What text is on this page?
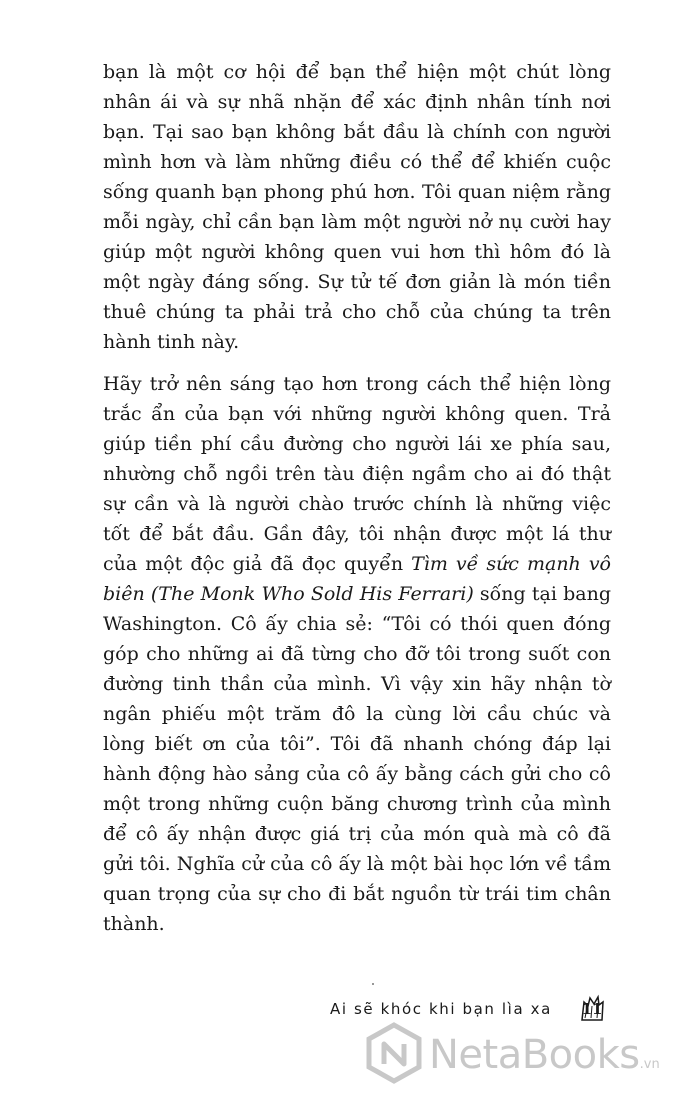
bạn là một cơ hội để bạn thể hiện một chút lòng nhân ái và sự nhã nhặn để xác định nhân tính nơi bạn. Tại sao bạn không bắt đầu là chính con người mình hơn và làm những điều có thể để khiến cuộc sống quanh bạn phong phú hơn. Tôi quan niệm rằng mỗi ngày, chỉ cần bạn làm một người nở nụ cười hay giúp một người không quen vui hơn thì hôm đó là một ngày đáng sống. Sự tử tế đơn giản là món tiền thuê chúng ta phải trả cho chỗ của chúng ta trên hành tinh này.

Hãy trở nên sáng tạo hơn trong cách thể hiện lòng trắc ẩn của bạn với những người không quen. Trả giúp tiền phí cầu đường cho người lái xe phía sau, nhường chỗ ngồi trên tàu điện ngầm cho ai đó thật sự cần và là người chào trước chính là những việc tốt để bắt đầu. Gần đây, tôi nhận được một lá thư của một độc giả đã đọc quyển Tìm về sức mạnh vô biên (The Monk Who Sold His Ferrari) sống tại bang Washington. Cô ấy chia sẻ: “Tôi có thói quen đóng góp cho những ai đã từng cho đỡ tôi trong suốt con đường tinh thần của mình. Vì vậy xin hãy nhận tờ ngân phiếu một trăm đô la cùng lời cầu chúc và lòng biết ơn của tôi”. Tôi đã nhanh chóng đáp lại hành động hào sảng của cô ấy bằng cách gửi cho cô một trong những cuộn băng chương trình của mình để cô ấy nhận được giá trị của món quà mà cô đã gửi tôi. Nghĩa cử của cô ấy là một bài học lớn về tầm quan trọng của sự cho đi bắt nguồn từ trái tim chân thành.

Ai sẽ khóc khi bạn lìa xa 11
NetaBooks.vn
